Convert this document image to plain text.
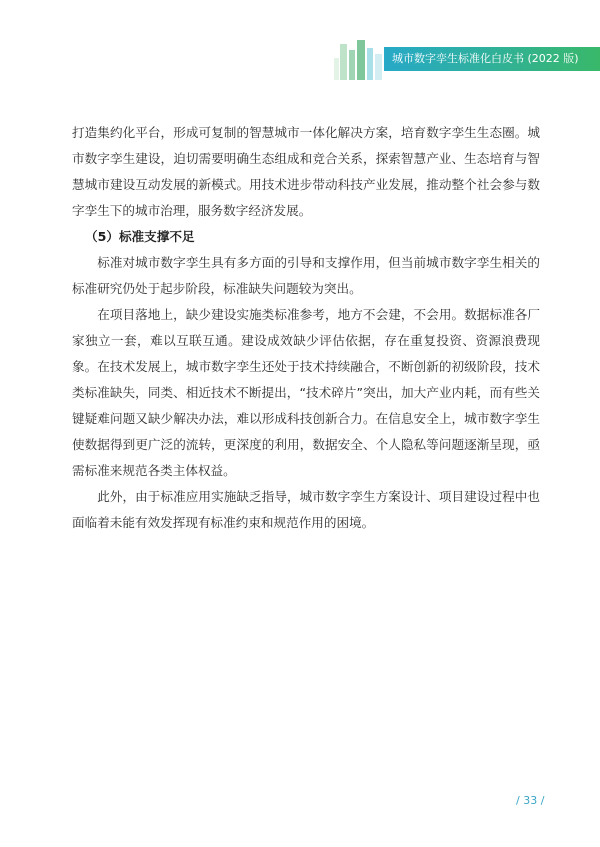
城市数字孪生标准化白皮书 (2022 版)

打造集约化平台，形成可复制的智慧城市一体化解决方案，培育数字孪生生态圈。城市数字孪生建设，迫切需要明确生态组成和竞合关系，探索智慧产业、生态培育与智慧城市建设互动发展的新模式。用技术进步带动科技产业发展，推动整个社会参与数字孪生下的城市治理，服务数字经济发展。

（5）标准支撑不足

标准对城市数字孪生具有多方面的引导和支撑作用，但当前城市数字孪生相关的标准研究仍处于起步阶段，标准缺失问题较为突出。

在项目落地上，缺少建设实施类标准参考，地方不会建，不会用。数据标准各厂家独立一套，难以互联互通。建设成效缺少评估依据，存在重复投资、资源浪费现象。在技术发展上，城市数字孪生还处于技术持续融合，不断创新的初级阶段，技术类标准缺失，同类、相近技术不断提出，“技术碎片”突出，加大产业内耗，而有些关键疑难问题又缺少解决办法，难以形成科技创新合力。在信息安全上，城市数字孪生使数据得到更广泛的流转，更深度的利用，数据安全、个人隐私等问题逐渐呈现，亟需标准来规范各类主体权益。

此外，由于标准应用实施缺乏指导，城市数字孪生方案设计、项目建设过程中也面临着未能有效发挥现有标准约束和规范作用的困境。

/ 33 /
